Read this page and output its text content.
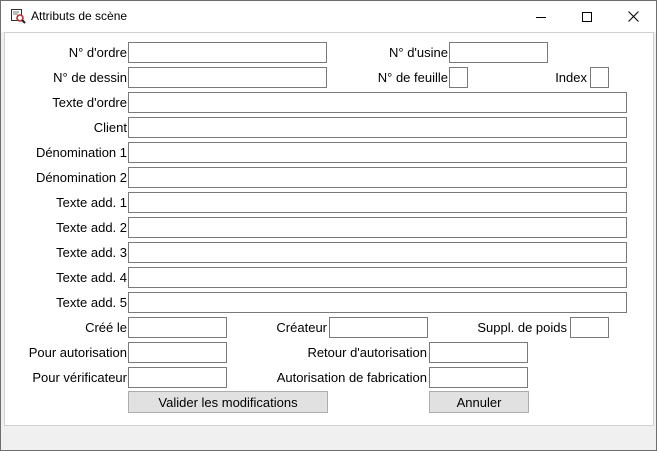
Attributs de scène
N° d'ordre	N° d'usine
N° de dessin	N° de feuille	Index
Texte d'ordre
Client
Dénomination 1
Dénomination 2
Texte add. 1
Texte add. 2
Texte add. 3
Texte add. 4
Texte add. 5
Créé le	Créateur	Suppl. de poids
Pour autorisation	Retour d'autorisation
Pour vérificateur	Autorisation de fabrication
Valider les modifications	Annuler
